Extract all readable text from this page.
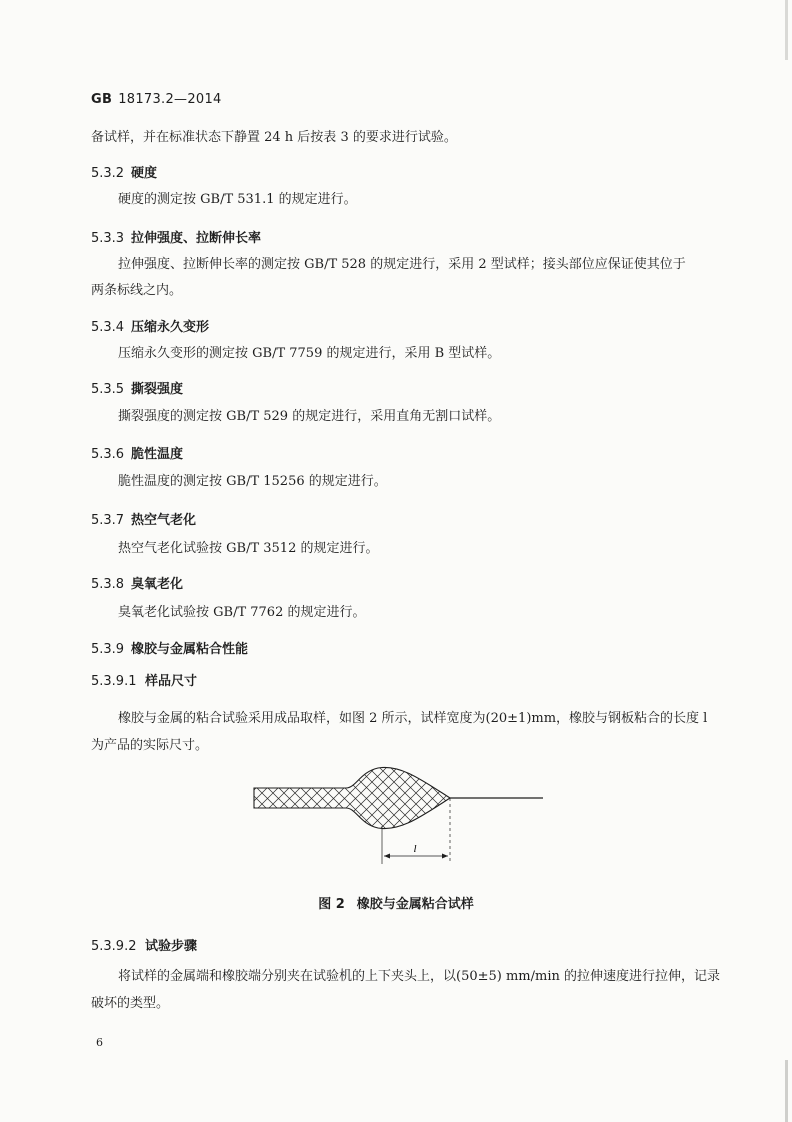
GB 18173.2—2014
备试样，并在标准状态下静置 24 h 后按表 3 的要求进行试验。
5.3.2 硬度
硬度的测定按 GB/T 531.1 的规定进行。
5.3.3 拉伸强度、拉断伸长率
拉伸强度、拉断伸长率的测定按 GB/T 528 的规定进行，采用 2 型试样；接头部位应保证使其位于
两条标线之内。
5.3.4 压缩永久变形
压缩永久变形的测定按 GB/T 7759 的规定进行，采用 B 型试样。
5.3.5 撕裂强度
撕裂强度的测定按 GB/T 529 的规定进行，采用直角无割口试样。
5.3.6 脆性温度
脆性温度的测定按 GB/T 15256 的规定进行。
5.3.7 热空气老化
热空气老化试验按 GB/T 3512 的规定进行。
5.3.8 臭氧老化
臭氧老化试验按 GB/T 7762 的规定进行。
5.3.9 橡胶与金属粘合性能
5.3.9.1 样品尺寸
橡胶与金属的粘合试验采用成品取样，如图 2 所示，试样宽度为(20±1)mm，橡胶与钢板粘合的长度 l 为产品的实际尺寸。
l
图 2 橡胶与金属粘合试样
5.3.9.2 试验步骤
将试样的金属端和橡胶端分别夹在试验机的上下夹头上，以(50±5) mm/min 的拉伸速度进行拉伸，记录破坏的类型。
6
